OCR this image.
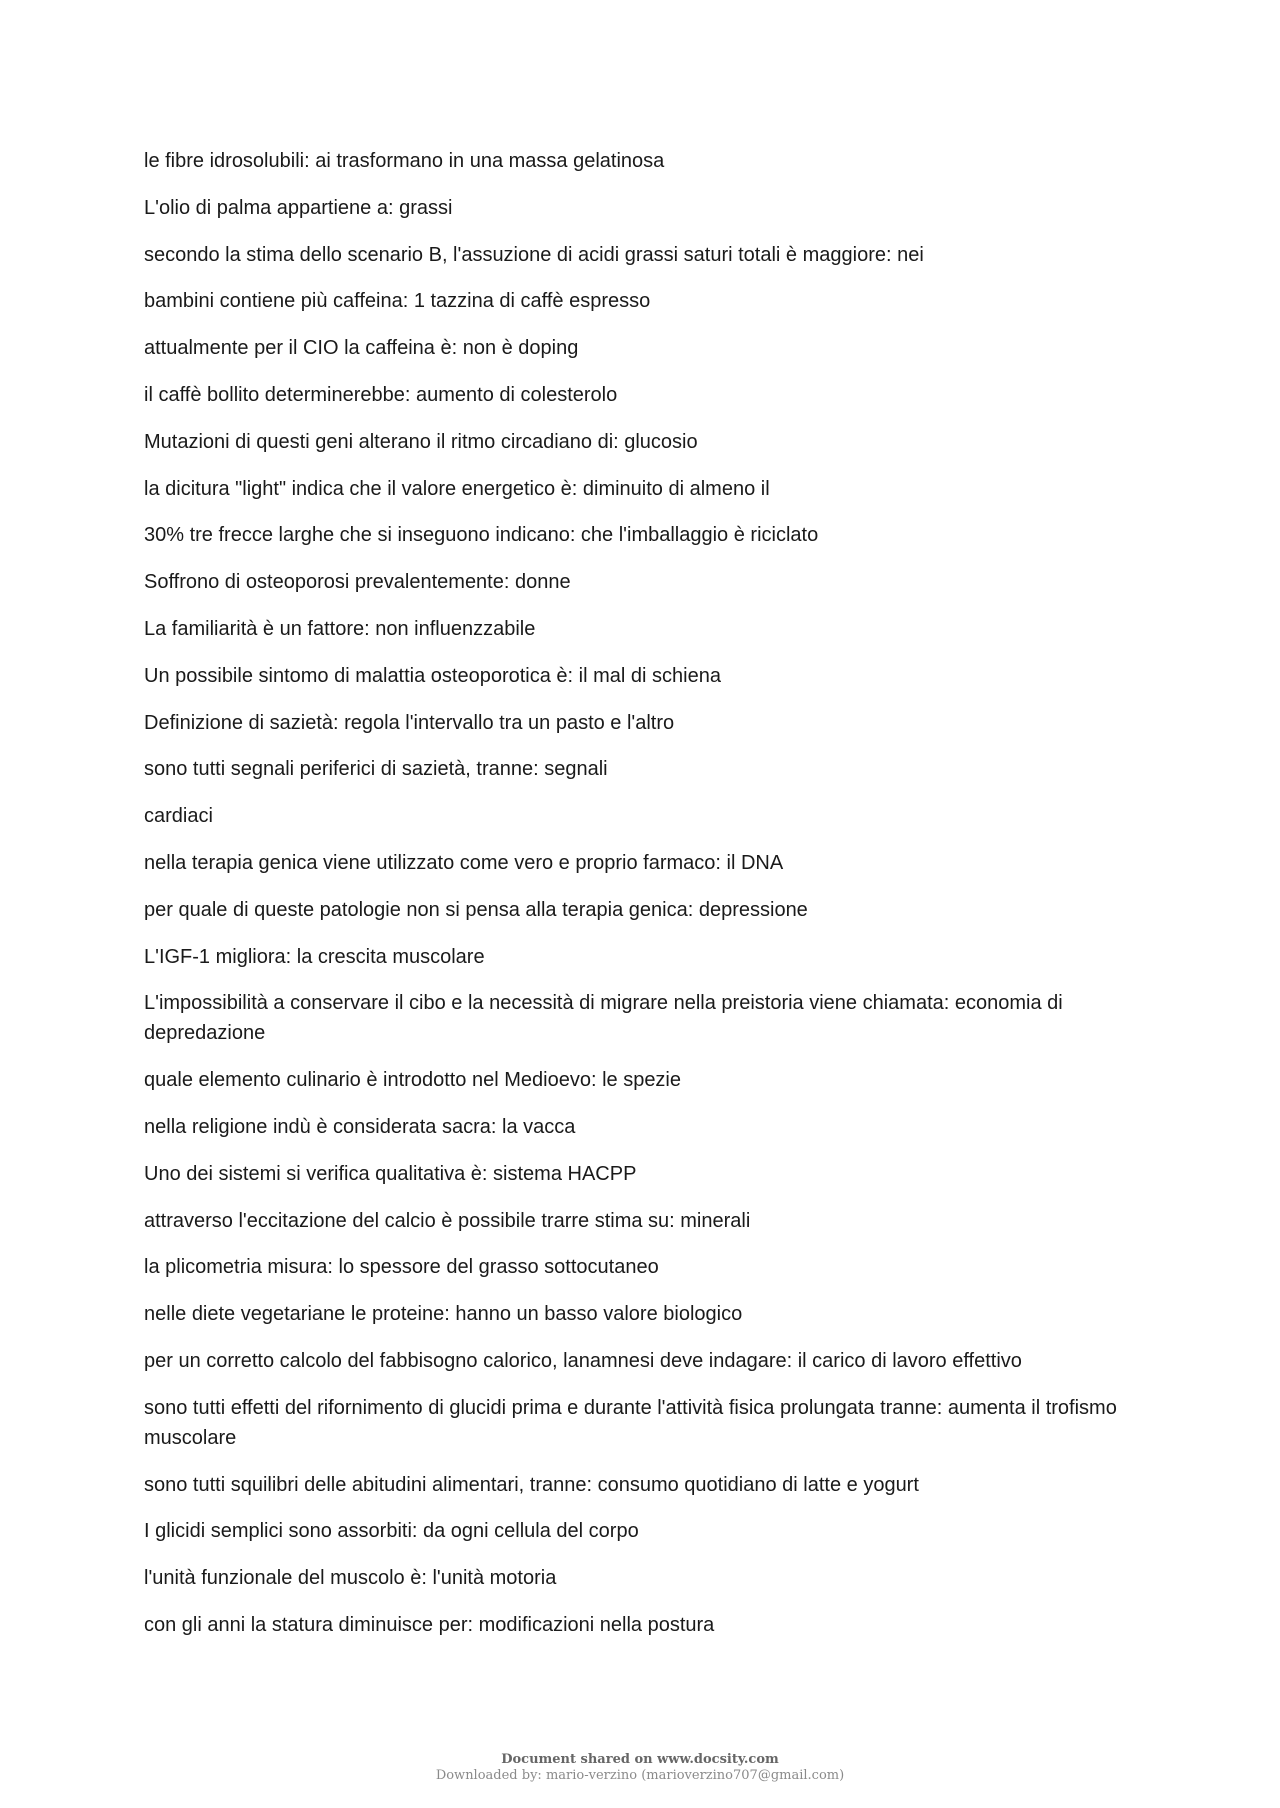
le fibre idrosolubili: ai trasformano in una massa gelatinosa
L'olio di palma appartiene a: grassi
secondo la stima dello scenario B, l'assuzione di acidi grassi saturi totali è maggiore: nei
bambini contiene più caffeina: 1 tazzina di caffè espresso
attualmente per il CIO la caffeina è: non è doping
il caffè bollito determinerebbe: aumento di colesterolo
Mutazioni di questi geni alterano il ritmo circadiano di: glucosio
la dicitura "light" indica che il valore energetico è: diminuito di almeno il
30% tre frecce larghe che si inseguono indicano: che l'imballaggio è riciclato
Soffrono di osteoporosi prevalentemente: donne
La familiarità è un fattore: non influenzzabile
Un possibile sintomo di malattia osteoporotica è: il mal di schiena
Definizione di sazietà: regola l'intervallo tra un pasto e l'altro
sono tutti segnali periferici di sazietà, tranne: segnali
cardiaci
nella terapia genica viene utilizzato come vero e proprio farmaco: il DNA
per quale di queste patologie non si pensa alla terapia genica: depressione
L'IGF-1 migliora: la crescita muscolare
L'impossibilità a conservare il cibo e la necessità di migrare nella preistoria viene chiamata: economia di depredazione
quale elemento culinario è introdotto nel Medioevo: le spezie
nella religione indù è considerata sacra: la vacca
Uno dei sistemi si verifica qualitativa è: sistema HACPP
attraverso l'eccitazione del calcio è possibile trarre stima su: minerali
la plicometria misura: lo spessore del grasso sottocutaneo
nelle diete vegetariane le proteine: hanno un basso valore biologico
per un corretto calcolo del fabbisogno calorico, lanamnesi deve indagare: il carico di lavoro effettivo
sono tutti effetti del rifornimento di glucidi prima e durante l'attività fisica prolungata tranne: aumenta il trofismo muscolare
sono tutti squilibri delle abitudini alimentari, tranne: consumo quotidiano di latte e yogurt
I glicidi semplici sono assorbiti: da ogni cellula del corpo
l'unità funzionale del muscolo è: l'unità motoria
con gli anni la statura diminuisce per: modificazioni nella postura
Document shared on www.docsity.com
Downloaded by: mario-verzino (marioverzino707@gmail.com)
